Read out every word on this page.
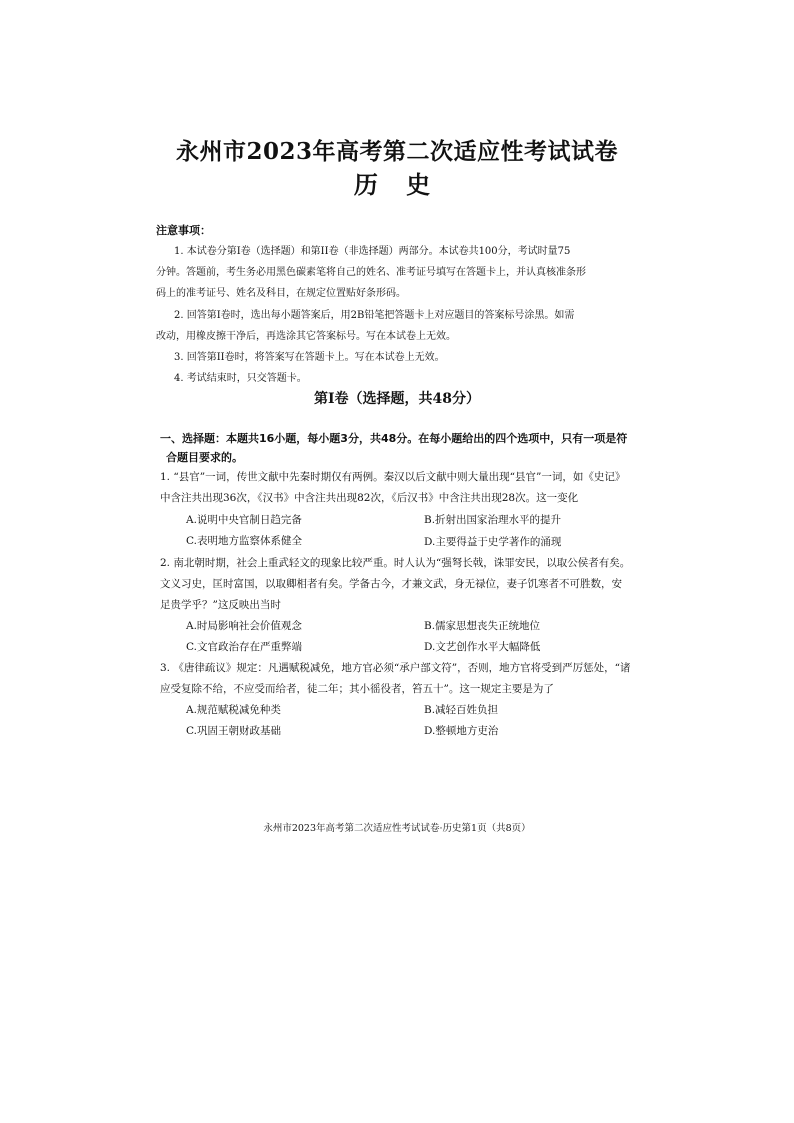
永州市2023年高考第二次适应性考试试卷
历 史
注意事项：
1. 本试卷分第I卷（选择题）和第II卷（非选择题）两部分。本试卷共100分，考试时量75
分钟。答题前，考生务必用黑色碳素笔将自己的姓名、准考证号填写在答题卡上，并认真核准条形
码上的准考证号、姓名及科目，在规定位置贴好条形码。
2. 回答第I卷时，选出每小题答案后，用2B铅笔把答题卡上对应题目的答案标号涂黑。如需
改动，用橡皮擦干净后，再选涂其它答案标号。写在本试卷上无效。
3. 回答第II卷时，将答案写在答题卡上。写在本试卷上无效。
4. 考试结束时，只交答题卡。
第I卷（选择题，共48分）
一、选择题：本题共16小题，每小题3分，共48分。在每小题给出的四个选项中，只有一项是符
合题目要求的。
1. “县官”一词，传世文献中先秦时期仅有两例。秦汉以后文献中则大量出现“县官”一词，如《史记》
中含注共出现36次，《汉书》中含注共出现82次，《后汉书》中含注共出现28次。这一变化
A.说明中央官制日趋完备	B.折射出国家治理水平的提升
C.表明地方监察体系健全	D.主要得益于史学著作的涌现
2. 南北朝时期，社会上重武轻文的现象比较严重。时人认为“强弩长戟，诛罪安民，以取公侯者有矣。
文义习史，匡时富国，以取卿相者有矣。学备古今，才兼文武，身无禄位，妻子饥寒者不可胜数，安
足贵学乎？”这反映出当时
A.时局影响社会价值观念	B.儒家思想丧失正统地位
C.文官政治存在严重弊端	D.文艺创作水平大幅降低
3. 《唐律疏议》规定：凡遇赋税减免，地方官必须“承户部文符”，否则，地方官将受到严厉惩处，“诸
应受复除不给，不应受而给者，徒二年；其小徭役者，笞五十”。这一规定主要是为了
A.规范赋税减免种类	B.减轻百姓负担
C.巩固王朝财政基础	D.整顿地方吏治
永州市2023年高考第二次适应性考试试卷·历史第1页（共8页）
